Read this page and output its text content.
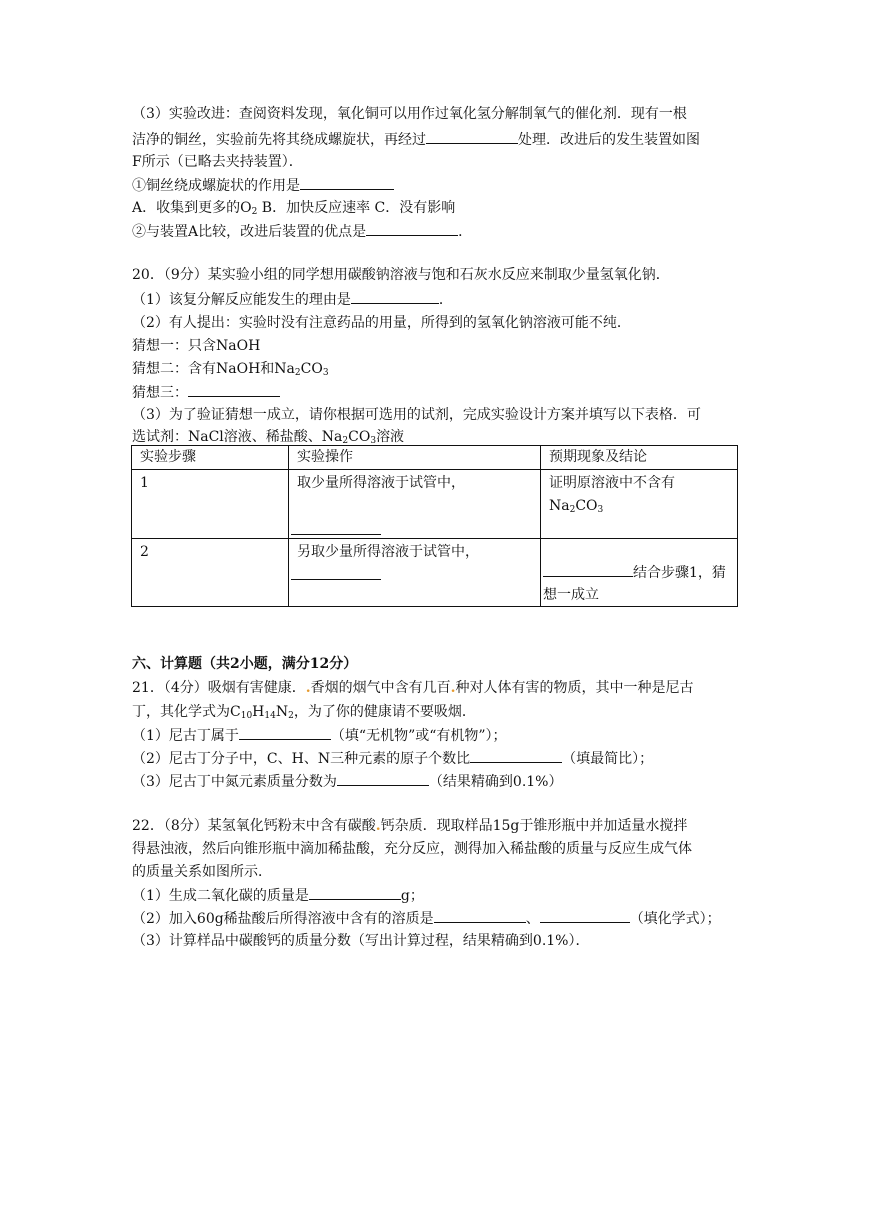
（3）实验改进：查阅资料发现，氧化铜可以用作过氧化氢分解制氧气的催化剂．现有一根
洁净的铜丝，实验前先将其绕成螺旋状，再经过	处理．改进后的发生装置如图
F所示（已略去夹持装置）．
①铜丝绕成螺旋状的作用是
A．收集到更多的$O_2$ B．加快反应速率 C．没有影响
②与装置A比较，改进后装置的优点是	．
20．（9分）某实验小组的同学想用碳酸钠溶液与饱和石灰水反应来制取少量氢氧化钠．
（1）该复分解反应能发生的理由是	．
（2）有人提出：实验时没有注意药品的用量，所得到的氢氧化钠溶液可能不纯．
猜想一：只含NaOH
猜想二：含有NaOH和$Na_2CO_3$
猜想三：
（3）为了验证猜想一成立，请你根据可选用的试剂，完成实验设计方案并填写以下表格．可
选试剂：NaCl溶液、稀盐酸、$Na_2CO_3$溶液
实验步骤	实验操作	预期现象及结论
1	取少量所得溶液于试管中，	证明原溶液中不含有$Na_2CO_3$
2	另取少量所得溶液于试管中，	结合步骤1，猜
想一成立
六、计算题（共2小题，满分12分）
21．（4分）吸烟有害健康．.香烟的烟气中含有几百.种对人体有害的物质，其中一种是尼古
丁，其化学式为$C_{10}H_{14}N_2$，为了你的健康请不要吸烟．
（1）尼古丁属于	（填“无机物”或“有机物”）；
（2）尼古丁分子中，C、H、N三种元素的原子个数比	（填最简比）；
（3）尼古丁中氮元素质量分数为	（结果精确到0.1%）
22．（8分）某氢氧化钙粉末中含有碳酸.钙杂质．现取样品15g于锥形瓶中并加适量水搅拌
得悬浊液，然后向锥形瓶中滴加稀盐酸，充分反应，测得加入稀盐酸的质量与反应生成气体
的质量关系如图所示．
（1）生成二氧化碳的质量是	g；
（2）加入60g稀盐酸后所得溶液中含有的溶质是	、	（填化学式）；
（3）计算样品中碳酸钙的质量分数（写出计算过程，结果精确到0.1%）．
